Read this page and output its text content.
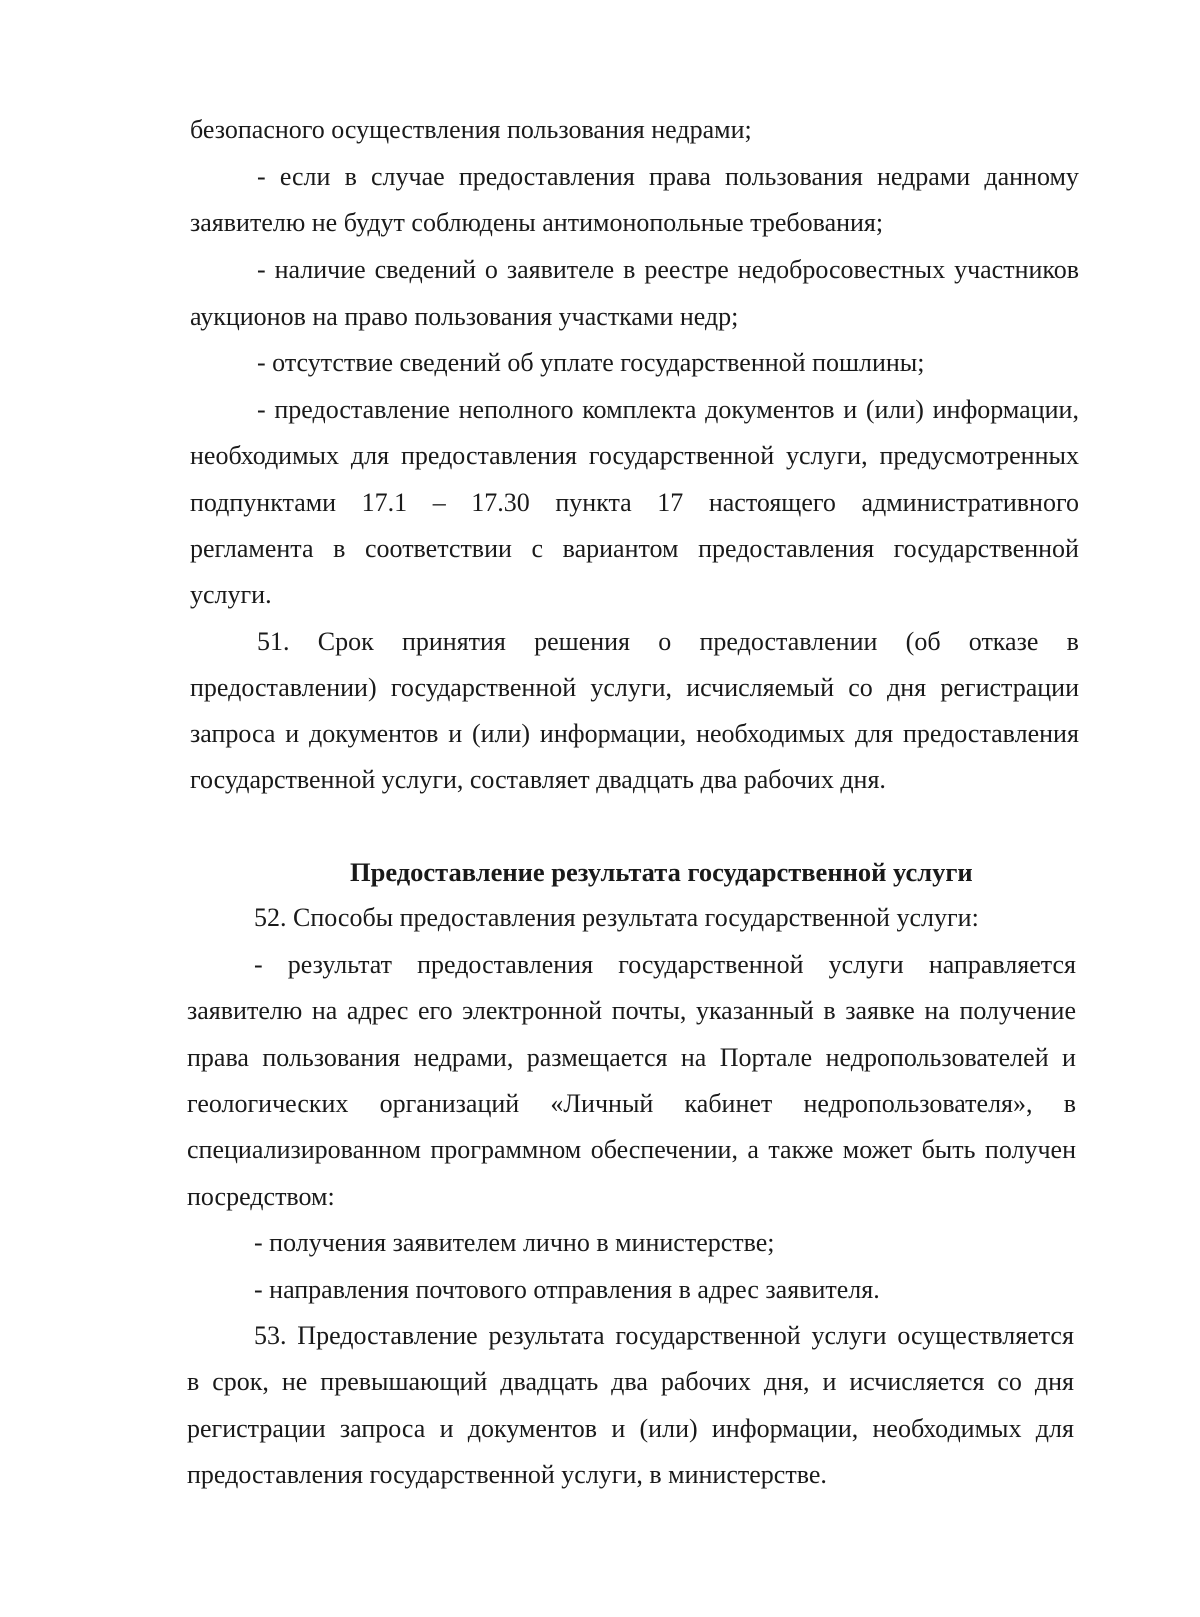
безопасного осуществления пользования недрами;
- если в случае предоставления права пользования недрами данному
заявителю не будут соблюдены антимонопольные требования;
- наличие сведений о заявителе в реестре недобросовестных участников
аукционов на право пользования участками недр;
- отсутствие сведений об уплате государственной пошлины;
- предоставление неполного комплекта документов и (или) информации,
необходимых для предоставления государственной услуги, предусмотренных
подпунктами 17.1 – 17.30 пункта 17 настоящего административного
регламента в соответствии с вариантом предоставления государственной
услуги.
51. Срок принятия решения о предоставлении (об отказе в
предоставлении) государственной услуги, исчисляемый со дня регистрации
запроса и документов и (или) информации, необходимых для предоставления
государственной услуги, составляет двадцать два рабочих дня.
Предоставление результата государственной услуги
52. Способы предоставления результата государственной услуги:
- результат предоставления государственной услуги направляется
заявителю на адрес его электронной почты, указанный в заявке на получение
права пользования недрами, размещается на Портале недропользователей и
геологических организаций «Личный кабинет недропользователя», в
специализированном программном обеспечении, а также может быть получен
посредством:
- получения заявителем лично в министерстве;
- направления почтового отправления в адрес заявителя.
53. Предоставление результата государственной услуги осуществляется
в срок, не превышающий двадцать два рабочих дня, и исчисляется со дня
регистрации запроса и документов и (или) информации, необходимых для
предоставления государственной услуги, в министерстве.
